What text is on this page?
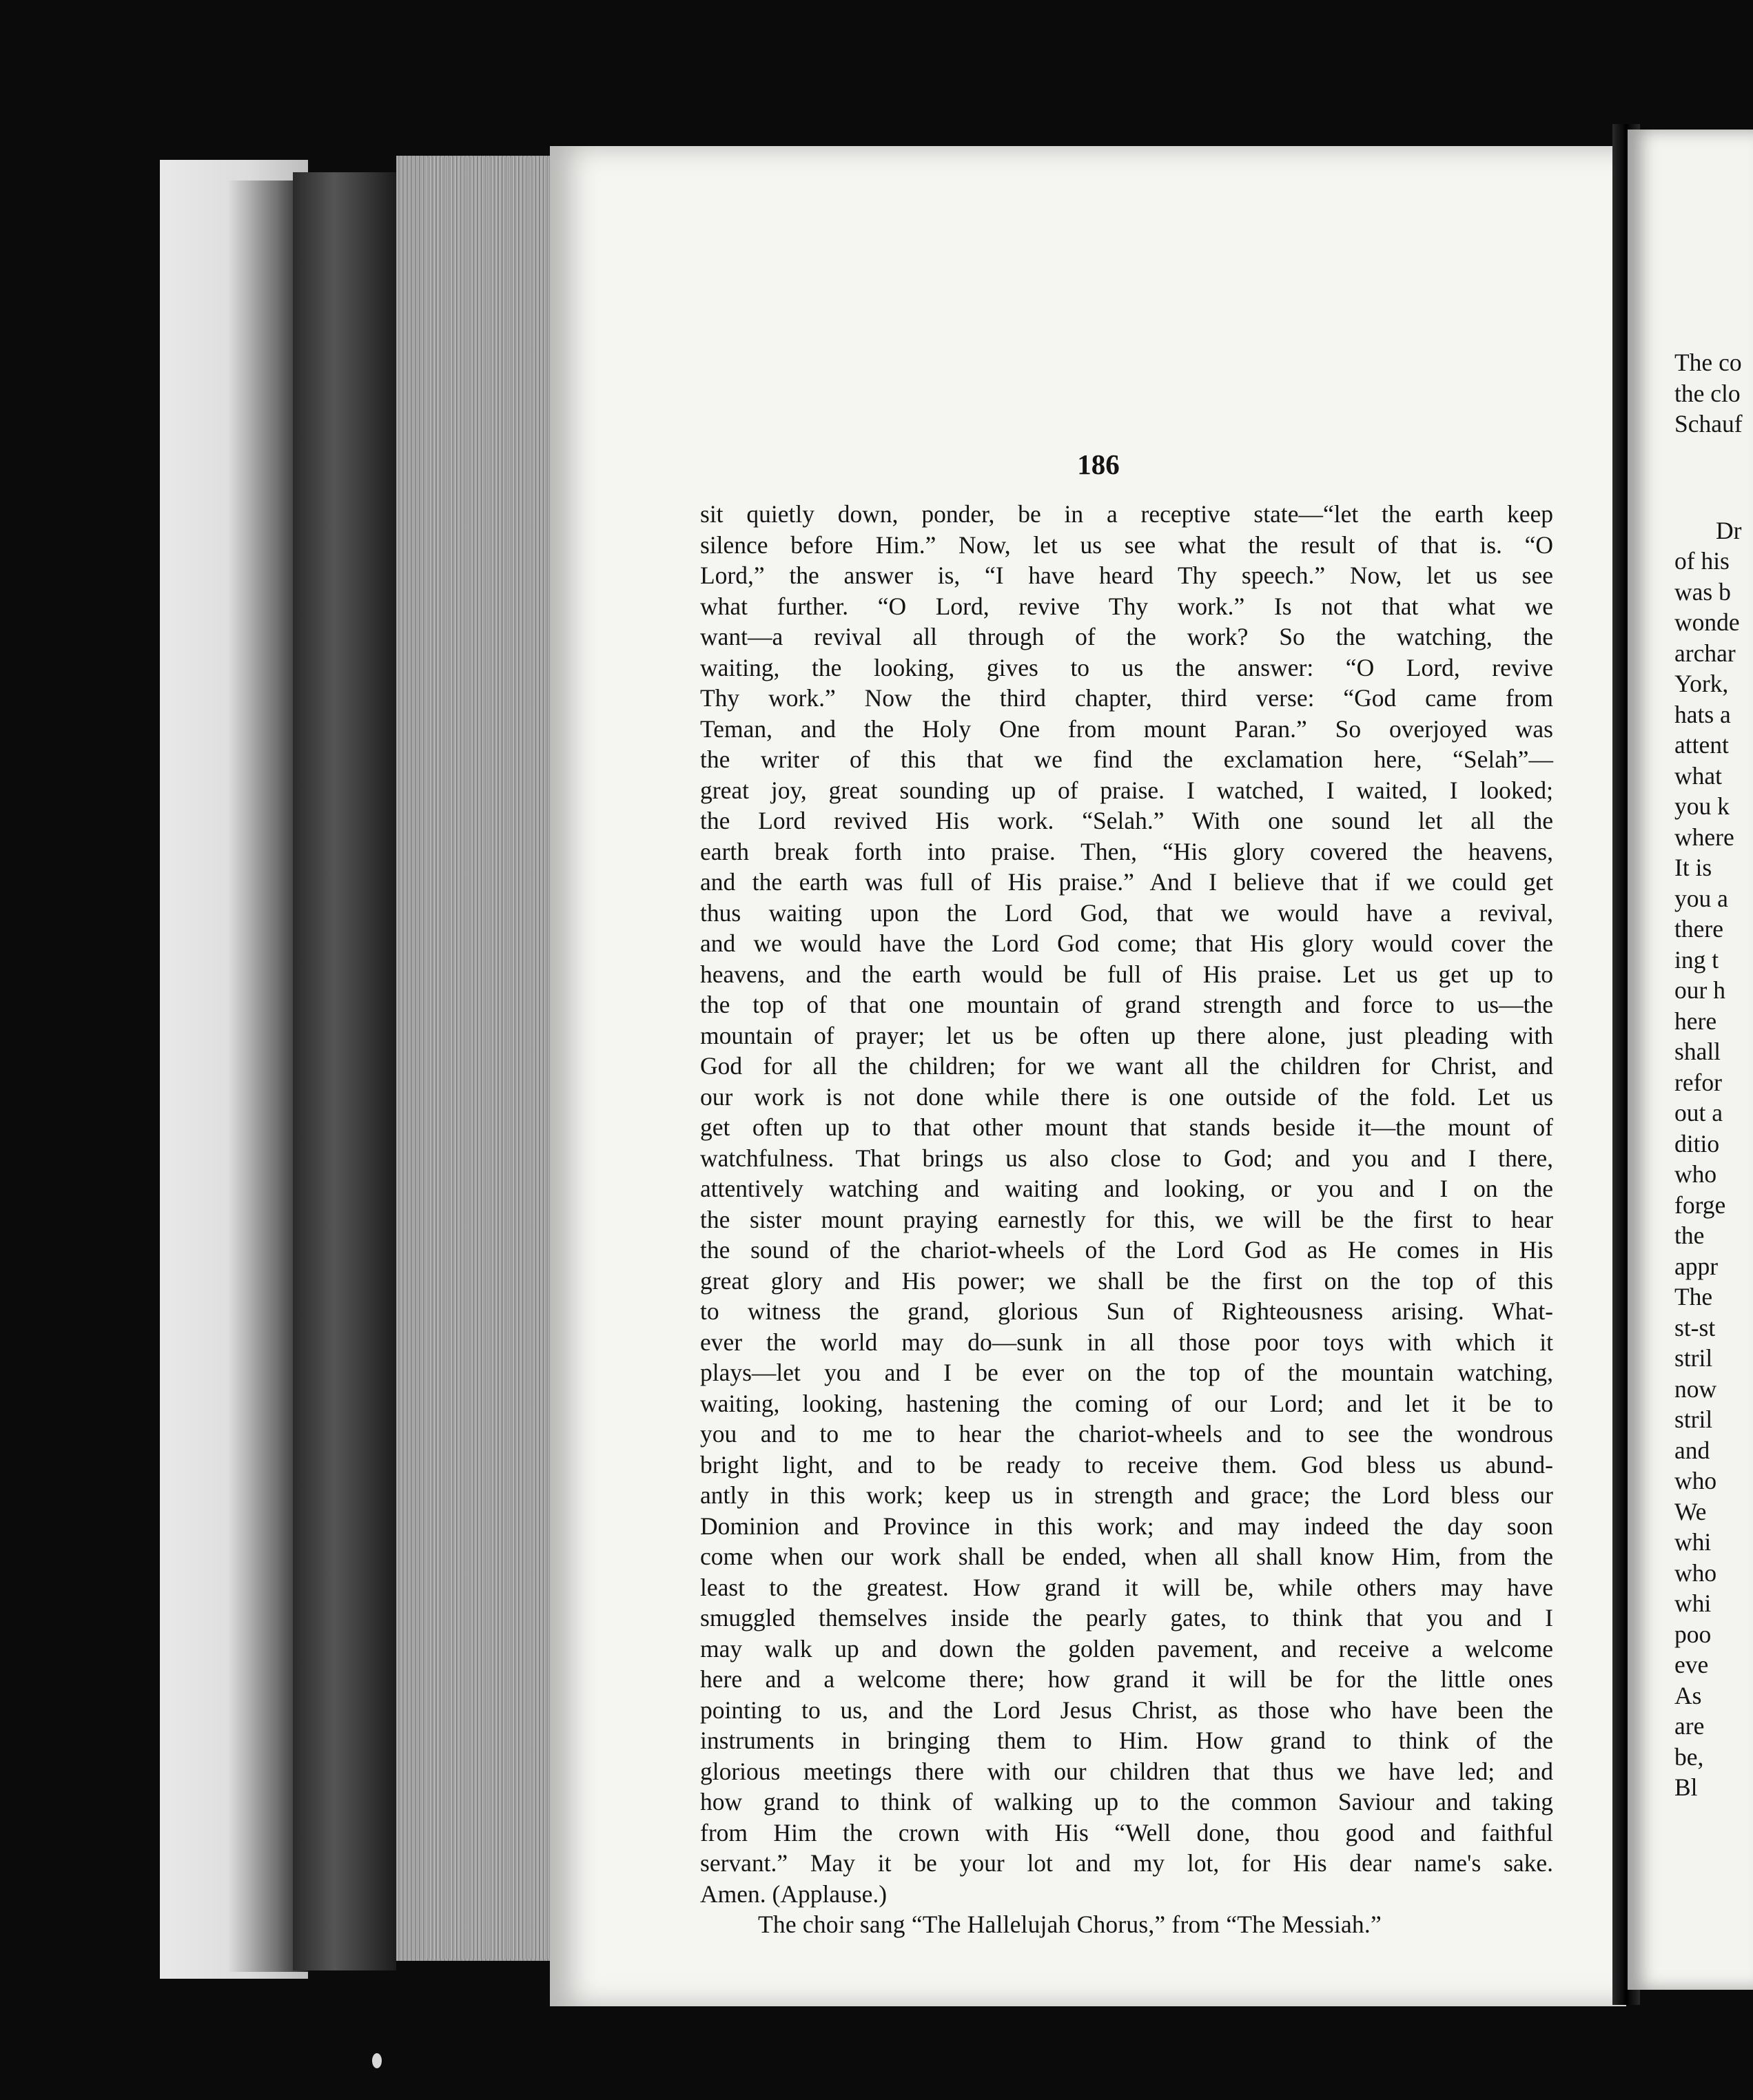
186
sit quietly down, ponder, be in a receptive state—“let the earth keep
silence before Him.” Now, let us see what the result of that is. “O
Lord,” the answer is, “I have heard Thy speech.” Now, let us see
what further. “O Lord, revive Thy work.” Is not that what we
want—a revival all through of the work? So the watching, the
waiting, the looking, gives to us the answer: “O Lord, revive
Thy work.” Now the third chapter, third verse: “God came from
Teman, and the Holy One from mount Paran.” So overjoyed was
the writer of this that we find the exclamation here, “Selah”—
great joy, great sounding up of praise. I watched, I waited, I looked;
the Lord revived His work. “Selah.” With one sound let all the
earth break forth into praise. Then, “His glory covered the heavens,
and the earth was full of His praise.” And I believe that if we could get
thus waiting upon the Lord God, that we would have a revival,
and we would have the Lord God come; that His glory would cover the
heavens, and the earth would be full of His praise. Let us get up to
the top of that one mountain of grand strength and force to us—the
mountain of prayer; let us be often up there alone, just pleading with
God for all the children; for we want all the children for Christ, and
our work is not done while there is one outside of the fold. Let us
get often up to that other mount that stands beside it—the mount of
watchfulness. That brings us also close to God; and you and I there,
attentively watching and waiting and looking, or you and I on the
the sister mount praying earnestly for this, we will be the first to hear
the sound of the chariot-wheels of the Lord God as He comes in His
great glory and His power; we shall be the first on the top of this
to witness the grand, glorious Sun of Righteousness arising. What-
ever the world may do—sunk in all those poor toys with which it
plays—let you and I be ever on the top of the mountain watching,
waiting, looking, hastening the coming of our Lord; and let it be to
you and to me to hear the chariot-wheels and to see the wondrous
bright light, and to be ready to receive them. God bless us abund-
antly in this work; keep us in strength and grace; the Lord bless our
Dominion and Province in this work; and may indeed the day soon
come when our work shall be ended, when all shall know Him, from the
least to the greatest. How grand it will be, while others may have
smuggled themselves inside the pearly gates, to think that you and I
may walk up and down the golden pavement, and receive a welcome
here and a welcome there; how grand it will be for the little ones
pointing to us, and the Lord Jesus Christ, as those who have been the
instruments in bringing them to Him. How grand to think of the
glorious meetings there with our children that thus we have led; and
how grand to think of walking up to the common Saviour and taking
from Him the crown with His “Well done, thou good and faithful
servant.” May it be your lot and my lot, for His dear name's sake.
Amen. (Applause.)
The choir sang “The Hallelujah Chorus,” from “The Messiah.”
The co
the clo
Schauf
Dr
of his
was b
wonde
archar
York,
hats a
attent
what
you k
where
It is
you a
there
ing t
our h
here
shall
refor
out a
ditio
who
forge
the
appr
The
st-st
stril
now
stril
and
who
We
whi
who
whi
poo
eve
As
are
be,
Bl
